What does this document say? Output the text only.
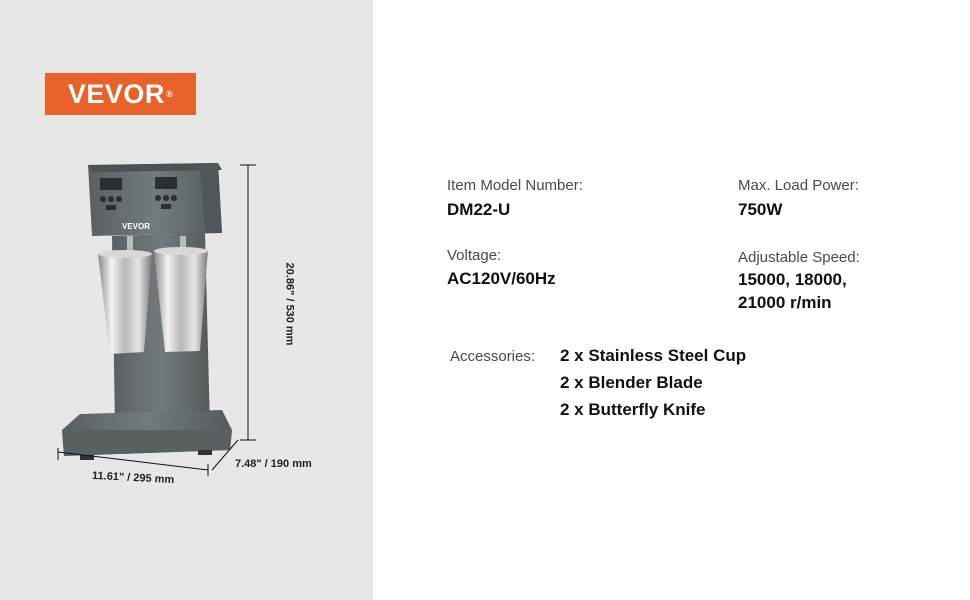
VEVOR ®
VEVOR
20.86" / 530 mm
11.61" / 295 mm
7.48" / 190 mm
Item Model Number:
DM22-U
Max. Load Power:
750W
Voltage:
AC120V/60Hz
Adjustable Speed:
15000, 18000,
21000 r/min
Accessories: 2 x Stainless Steel Cup
2 x Blender Blade
2 x Butterfly Knife
